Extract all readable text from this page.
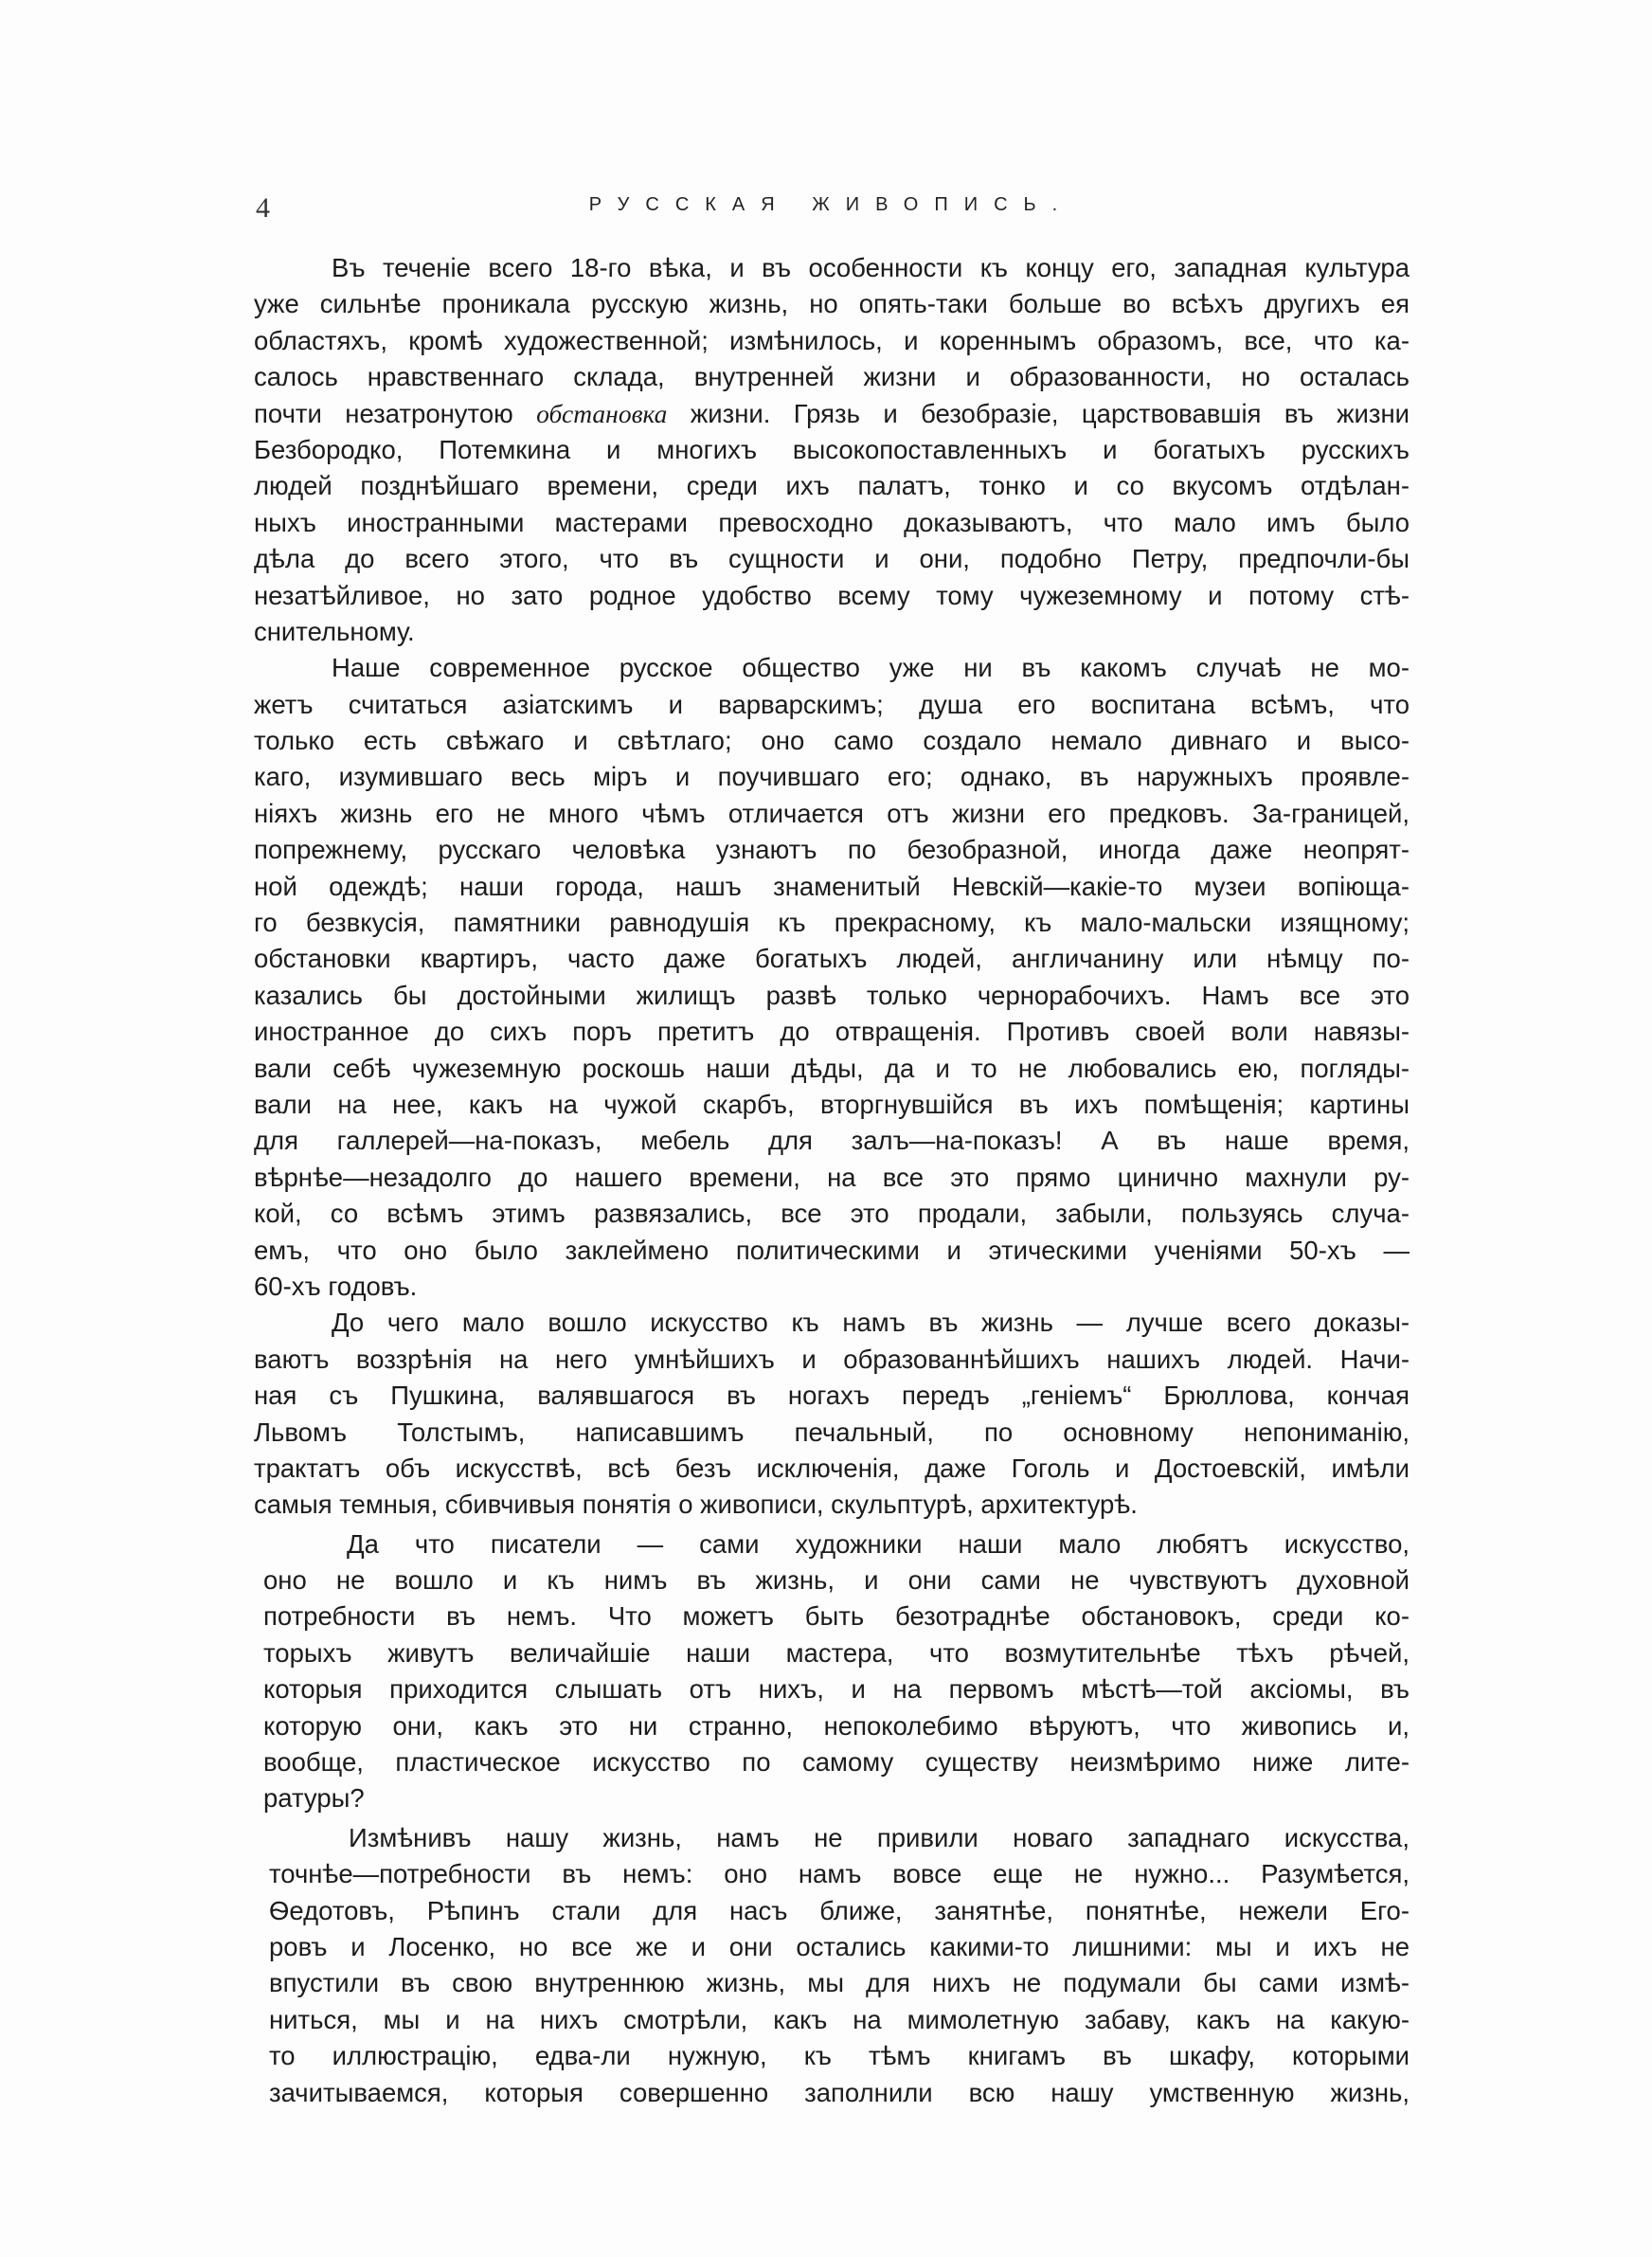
4	РУССКАЯ ЖИВОПИСЬ.
Въ теченіе всего 18-го вѣка, и въ особенности къ концу его, западная культура
уже сильнѣе проникала русскую жизнь, но опять-таки больше во всѣхъ другихъ ея
областяхъ, кромѣ художественной; измѣнилось, и кореннымъ образомъ, все, что ка-
салось нравственнаго склада, внутренней жизни и образованности, но осталась
почти незатронутою обстановка жизни. Грязь и безобразіе, царствовавшія въ жизни
Безбородко, Потемкина и многихъ высокопоставленныхъ и богатыхъ русскихъ
людей позднѣйшаго времени, среди ихъ палатъ, тонко и со вкусомъ отдѣлан-
ныхъ иностранными мастерами превосходно доказываютъ, что мало имъ было
дѣла до всего этого, что въ сущности и они, подобно Петру, предпочли-бы
незатѣйливое, но зато родное удобство всему тому чужеземному и потому стѣ-
снительному.
Наше современное русское общество уже ни въ какомъ случаѣ не мо-
жетъ считаться азіатскимъ и варварскимъ; душа его воспитана всѣмъ, что
только есть свѣжаго и свѣтлаго; оно само создало немало дивнаго и высо-
каго, изумившаго весь міръ и поучившаго его; однако, въ наружныхъ проявле-
ніяхъ жизнь его не много чѣмъ отличается отъ жизни его предковъ. За-границей,
попрежнему, русскаго человѣка узнаютъ по безобразной, иногда даже неопрят-
ной одеждѣ; наши города, нашъ знаменитый Невскій—какіе-то музеи вопіюща-
го безвкусія, памятники равнодушія къ прекрасному, къ мало-мальски изящному;
обстановки квартиръ, часто даже богатыхъ людей, англичанину или нѣмцу по-
казались бы достойными жилищъ развѣ только чернорабочихъ. Намъ все это
иностранное до сихъ поръ претитъ до отвращенія. Противъ своей воли навязы-
вали себѣ чужеземную роскошь наши дѣды, да и то не любовались ею, погляды-
вали на нее, какъ на чужой скарбъ, вторгнувшійся въ ихъ помѣщенія; картины
для галлерей—на-показъ, мебель для залъ—на-показъ! А въ наше время,
вѣрнѣе—незадолго до нашего времени, на все это прямо цинично махнули ру-
кой, со всѣмъ этимъ развязались, все это продали, забыли, пользуясь случа-
емъ, что оно было заклеймено политическими и этическими ученіями 50-хъ —
60-хъ годовъ.
До чего мало вошло искусство къ намъ въ жизнь — лучше всего доказы-
ваютъ воззрѣнія на него умнѣйшихъ и образованнѣйшихъ нашихъ людей. Начи-
ная съ Пушкина, валявшагося въ ногахъ передъ „геніемъ“ Брюллова, кончая
Львомъ Толстымъ, написавшимъ печальный, по основному непониманію,
трактатъ объ искусствѣ, всѣ безъ исключенія, даже Гоголь и Достоевскій, имѣли
самыя темныя, сбивчивыя понятія о живописи, скульптурѣ, архитектурѣ.
Да что писатели — сами художники наши мало любятъ искусство,
оно не вошло и къ нимъ въ жизнь, и они сами не чувствуютъ духовной
потребности въ немъ. Что можетъ быть безотраднѣе обстановокъ, среди ко-
торыхъ живутъ величайшіе наши мастера, что возмутительнѣе тѣхъ рѣчей,
которыя приходится слышать отъ нихъ, и на первомъ мѣстѣ—той аксіомы, въ
которую они, какъ это ни странно, непоколебимо вѣруютъ, что живопись и,
вообще, пластическое искусство по самому существу неизмѣримо ниже лите-
ратуры?
Измѣнивъ нашу жизнь, намъ не привили новаго западнаго искусства,
точнѣе—потребности въ немъ: оно намъ вовсе еще не нужно... Разумѣется,
Ѳедотовъ, Рѣпинъ стали для насъ ближе, занятнѣе, понятнѣе, нежели Его-
ровъ и Лосенко, но все же и они остались какими-то лишними: мы и ихъ не
впустили въ свою внутреннюю жизнь, мы для нихъ не подумали бы сами измѣ-
ниться, мы и на нихъ смотрѣли, какъ на мимолетную забаву, какъ на какую-
то иллюстрацію, едва-ли нужную, къ тѣмъ книгамъ въ шкафу, которыми
зачитываемся, которыя совершенно заполнили всю нашу умственную жизнь,
